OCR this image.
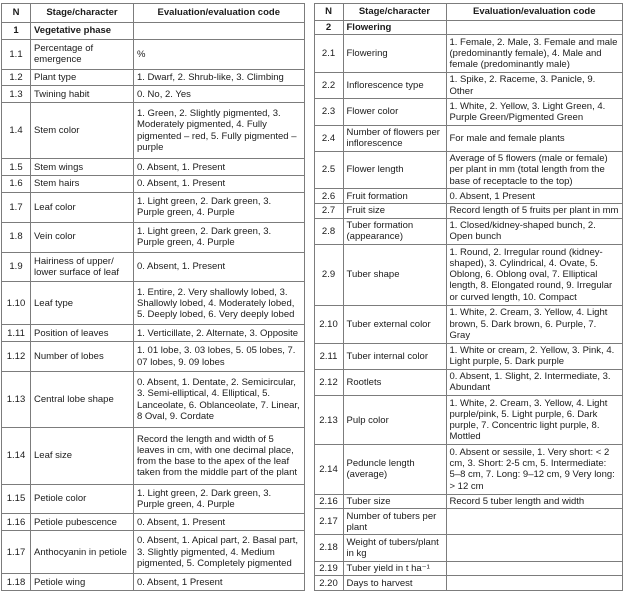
N	Stage/character	Evaluation/evaluation code
1	Vegetative phase	
1.1	Percentage of emergence	%
1.2	Plant type	1. Dwarf, 2. Shrub-like, 3. Climbing
1.3	Twining habit	0. No, 2. Yes
1.4	Stem color	1. Green, 2. Slightly pigmented, 3. Moderately pigmented, 4. Fully pigmented – red, 5. Fully pigmented – purple
1.5	Stem wings	0. Absent, 1. Present
1.6	Stem hairs	0. Absent, 1. Present
1.7	Leaf color	1. Light green, 2. Dark green, 3. Purple green, 4. Purple
1.8	Vein color	1. Light green, 2. Dark green, 3. Purple green, 4. Purple
1.9	Hairiness of upper/ lower surface of leaf	0. Absent, 1. Present
1.10	Leaf type	1. Entire, 2. Very shallowly lobed, 3. Shallowly lobed, 4. Moderately lobed, 5. Deeply lobed, 6. Very deeply lobed
1.11	Position of leaves	1. Verticillate, 2. Alternate, 3. Opposite
1.12	Number of lobes	1. 01 lobe, 3. 03 lobes, 5. 05 lobes, 7. 07 lobes, 9. 09 lobes
1.13	Central lobe shape	0. Absent, 1. Dentate, 2. Semicircular, 3. Semi-elliptical, 4. Elliptical, 5. Lanceolate, 6. Oblanceolate, 7. Linear, 8 Oval, 9. Cordate
1.14	Leaf size	Record the length and width of 5 leaves in cm, with one decimal place, from the base to the apex of the leaf taken from the middle part of the plant
1.15	Petiole color	1. Light green, 2. Dark green, 3. Purple green, 4. Purple
1.16	Petiole pubescence	0. Absent, 1. Present
1.17	Anthocyanin in petiole	0. Absent, 1. Apical part, 2. Basal part, 3. Slightly pigmented, 4. Medium pigmented, 5. Completely pigmented
1.18	Petiole wing	0. Absent, 1 Present
N	Stage/character	Evaluation/evaluation code
2	Flowering	
2.1	Flowering	1. Female, 2. Male, 3. Female and male (predominantly female), 4. Male and female (predominantly male)
2.2	Inflorescence type	1. Spike, 2. Raceme, 3. Panicle, 9. Other
2.3	Flower color	1. White, 2. Yellow, 3. Light Green, 4. Purple Green/Pigmented Green
2.4	Number of flowers per inflorescence	For male and female plants
2.5	Flower length	Average of 5 flowers (male or female) per plant in mm (total length from the base of receptacle to the top)
2.6	Fruit formation	0. Absent, 1 Present
2.7	Fruit size	Record length of 5 fruits per plant in mm
2.8	Tuber formation (appearance)	1. Closed/kidney-shaped bunch, 2. Open bunch
2.9	Tuber shape	1. Round, 2. Irregular round (kidney-shaped), 3. Cylindrical, 4. Ovate, 5. Oblong, 6. Oblong oval, 7. Elliptical length, 8. Elongated round, 9. Irregular or curved length, 10. Compact
2.10	Tuber external color	1. White, 2. Cream, 3. Yellow, 4. Light brown, 5. Dark brown, 6. Purple, 7. Gray
2.11	Tuber internal color	1. White or cream, 2. Yellow, 3. Pink, 4. Light purple, 5. Dark purple
2.12	Rootlets	0. Absent, 1. Slight, 2. Intermediate, 3. Abundant
2.13	Pulp color	1. White, 2. Cream, 3. Yellow, 4. Light purple/pink, 5. Light purple, 6. Dark purple, 7. Concentric light purple, 8. Mottled
2.14	Peduncle length (average)	0. Absent or sessile, 1. Very short: < 2 cm, 3. Short: 2-5 cm, 5. Intermediate: 5–8 cm, 7. Long: 9–12 cm, 9 Very long: > 12 cm
2.16	Tuber size	Record 5 tuber length and width
2.17	Number of tubers per plant	
2.18	Weight of tubers/plant in kg	
2.19	Tuber yield in t ha⁻¹	
2.20	Days to harvest	
